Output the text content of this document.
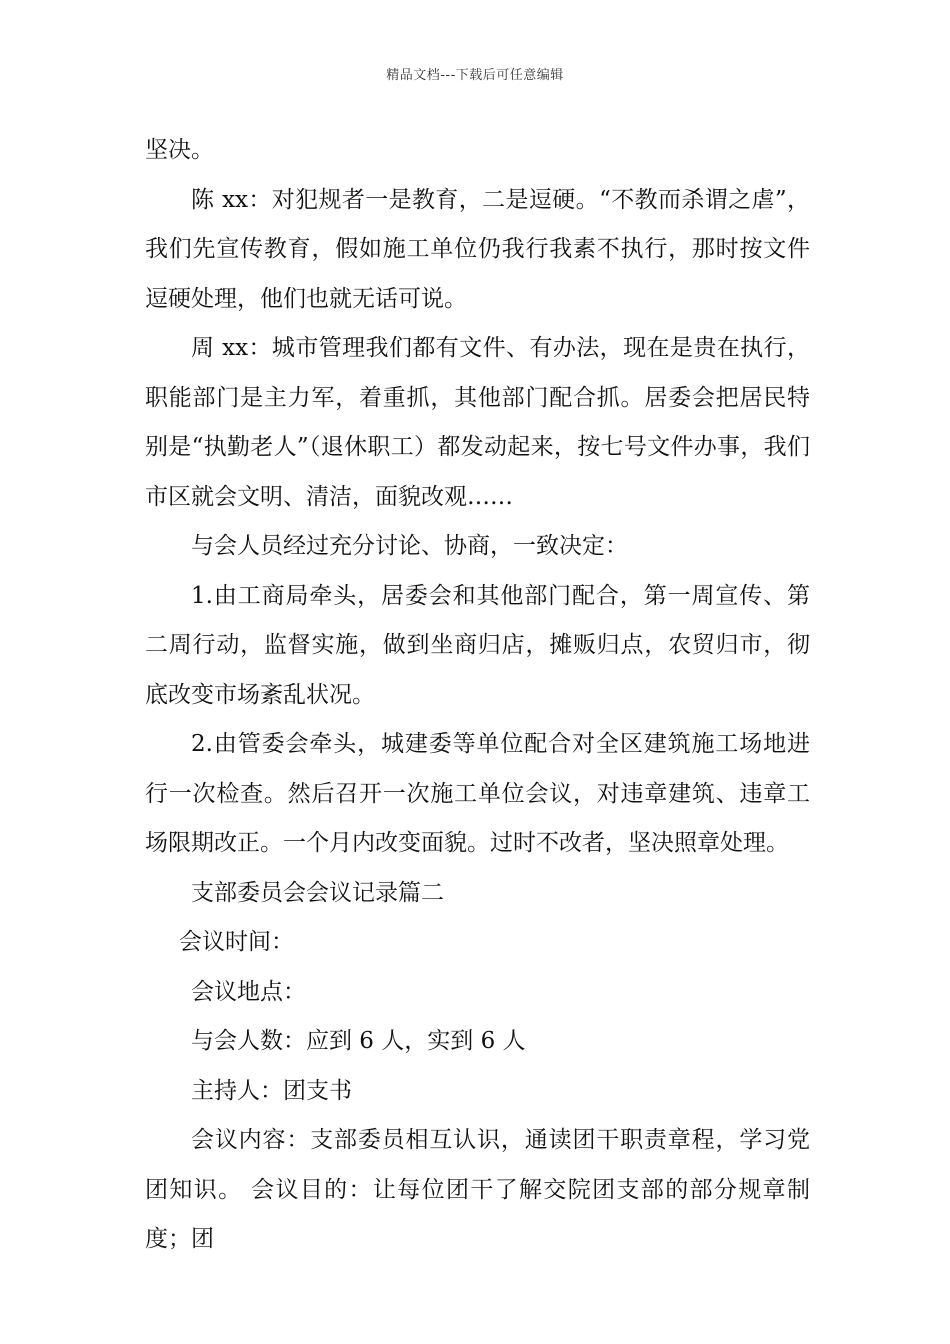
精品文档---下载后可任意编辑

坚决。

陈 xx：对犯规者一是教育，二是逗硬。“不教而杀谓之虐”，我们先宣传教育，假如施工单位仍我行我素不执行，那时按文件逗硬处理，他们也就无话可说。

周 xx：城市管理我们都有文件、有办法，现在是贵在执行，职能部门是主力军，着重抓，其他部门配合抓。居委会把居民特别是“执勤老人”（退休职工）都发动起来，按七号文件办事，我们市区就会文明、清洁，面貌改观……

与会人员经过充分讨论、协商，一致决定：

1.由工商局牵头，居委会和其他部门配合，第一周宣传、第二周行动，监督实施，做到坐商归店，摊贩归点，农贸归市，彻底改变市场紊乱状况。

2.由管委会牵头，城建委等单位配合对全区建筑施工场地进行一次检查。然后召开一次施工单位会议，对违章建筑、违章工场限期改正。一个月内改变面貌。过时不改者，坚决照章处理。

支部委员会会议记录篇二

会议时间：

会议地点：

与会人数：应到 6 人，实到 6 人

主持人：团支书

会议内容：支部委员相互认识，通读团干职责章程，学习党团知识。 会议目的：让每位团干了解交院团支部的部分规章制度；团
